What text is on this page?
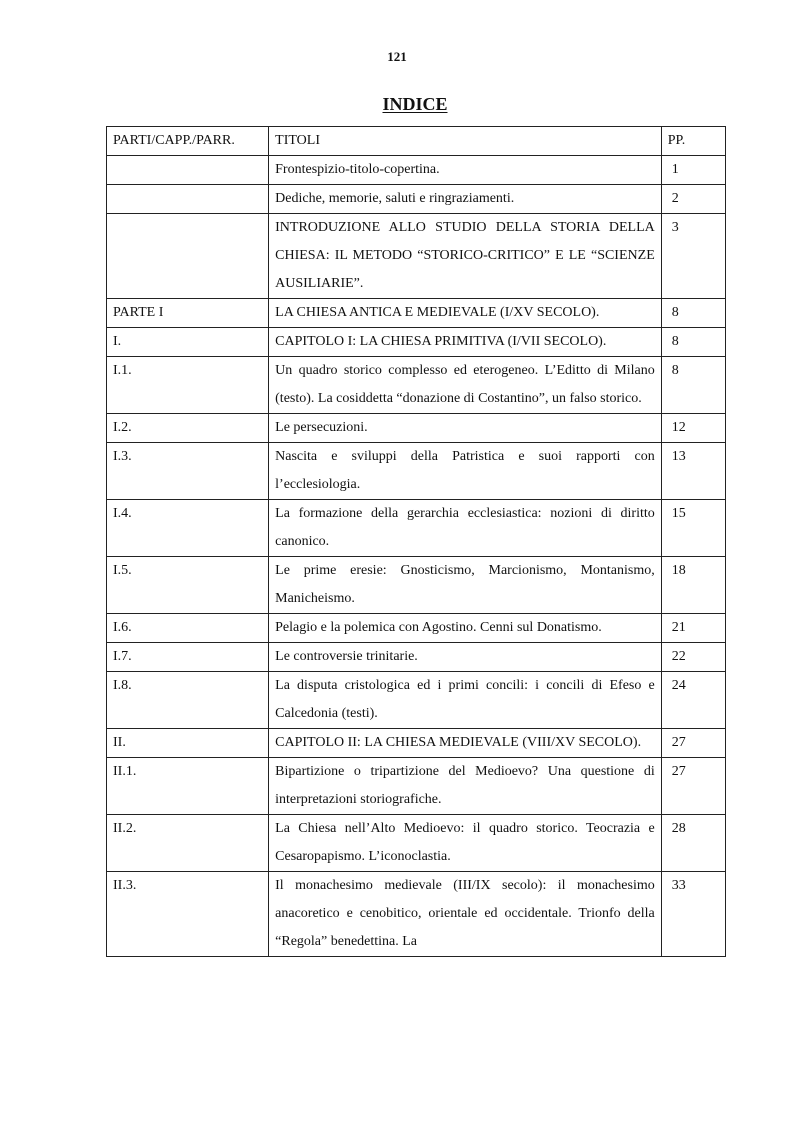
121
INDICE
PARTI/CAPP./PARR.	TITOLI	PP.
	Frontespizio-titolo-copertina.	1
	Dediche, memorie, saluti e ringraziamenti.	2
	INTRODUZIONE ALLO STUDIO DELLA STORIA DELLA CHIESA: IL METODO “STORICO-CRITICO” E LE “SCIENZE AUSILIARIE”.	3
PARTE I	LA CHIESA ANTICA E MEDIEVALE (I/XV SECOLO).	8
I.	CAPITOLO I: LA CHIESA PRIMITIVA (I/VII SECOLO).	8
I.1.	Un quadro storico complesso ed eterogeneo. L’Editto di Milano (testo). La cosiddetta “donazione di Costantino”, un falso storico.	8
I.2.	Le persecuzioni.	12
I.3.	Nascita e sviluppi della Patristica e suoi rapporti con l’ecclesiologia.	13
I.4.	La formazione della gerarchia ecclesiastica: nozioni di diritto canonico.	15
I.5.	Le prime eresie: Gnosticismo, Marcionismo, Montanismo, Manicheismo.	18
I.6.	Pelagio e la polemica con Agostino. Cenni sul Donatismo.	21
I.7.	Le controversie trinitarie.	22
I.8.	La disputa cristologica ed i primi concili: i concili di Efeso e Calcedonia (testi).	24
II.	CAPITOLO II: LA CHIESA MEDIEVALE (VIII/XV SECOLO).	27
II.1.	Bipartizione o tripartizione del Medioevo? Una questione di interpretazioni storiografiche.	27
II.2.	La Chiesa nell’Alto Medioevo: il quadro storico. Teocrazia e Cesaropapismo. L’iconoclastia.	28
II.3.	Il monachesimo medievale (III/IX secolo): il monachesimo anacoretico e cenobitico, orientale ed occidentale. Trionfo della “Regola” benedettina. La	33
